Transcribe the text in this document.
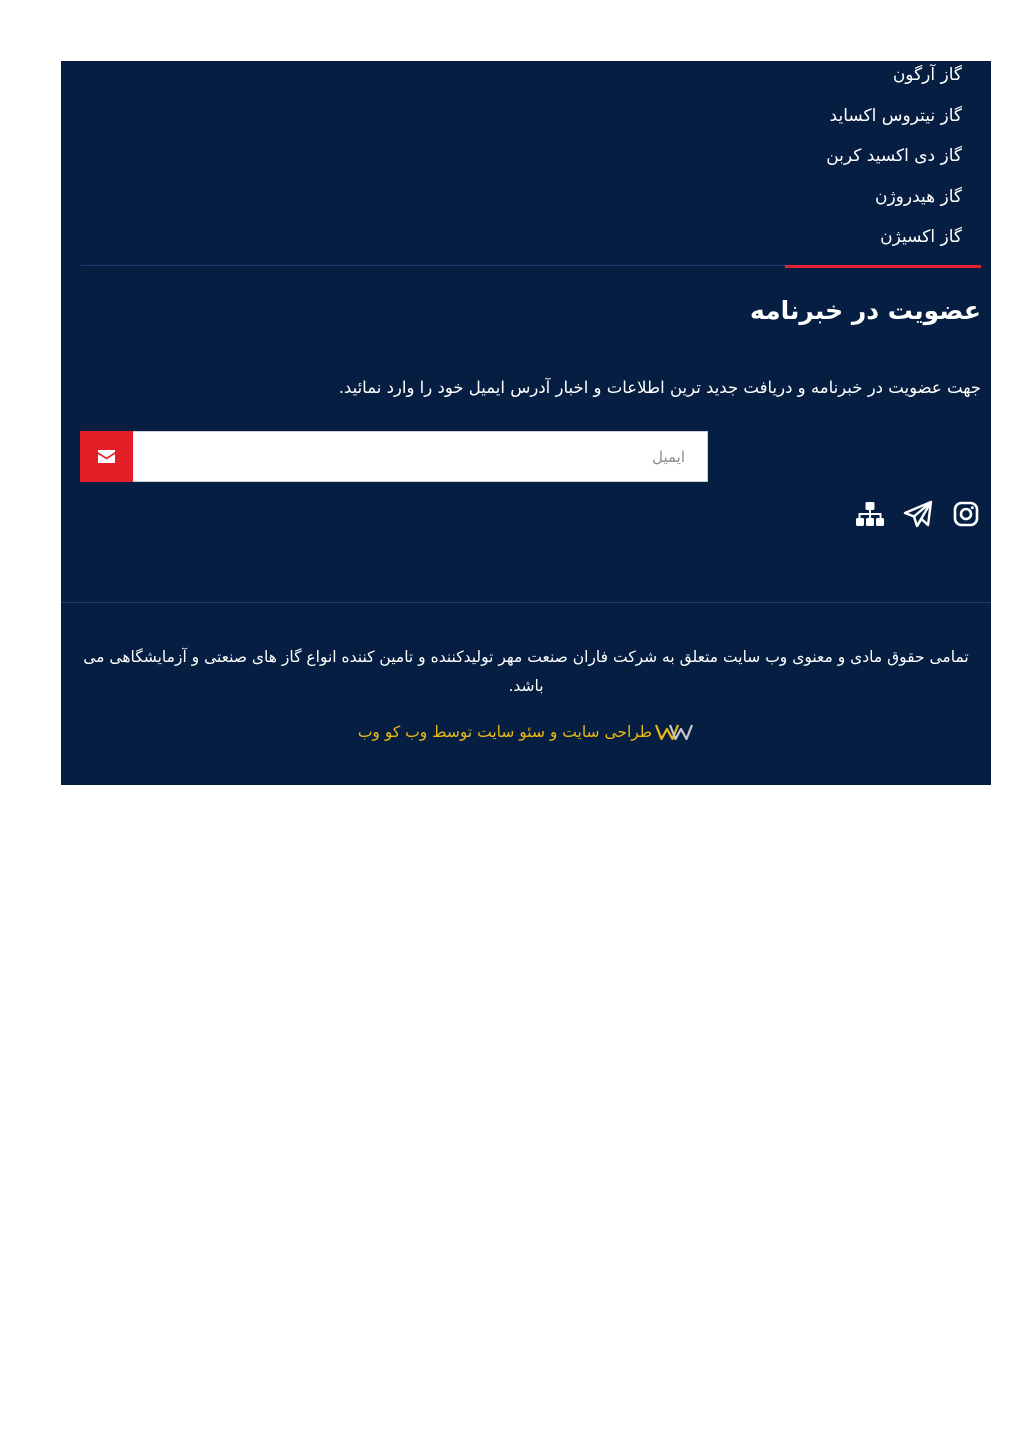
گاز آرگون
گاز نیتروس اکساید
گاز دی اکسید کربن
گاز هیدروژن
گاز اکسیژن
عضویت در خبرنامه

جهت عضویت در خبرنامه و دریافت جدید ترین اطلاعات و اخبار آدرس ایمیل خود را وارد نمائید.

ایمیل

تمامی حقوق مادی و معنوی وب سایت متعلق به شرکت فاران صنعت مهر تولیدکننده و تامین کننده انواع گاز های صنعتی و آزمایشگاهی می باشد.

طراحی سایت و سئو سایت توسط وب کو وب
